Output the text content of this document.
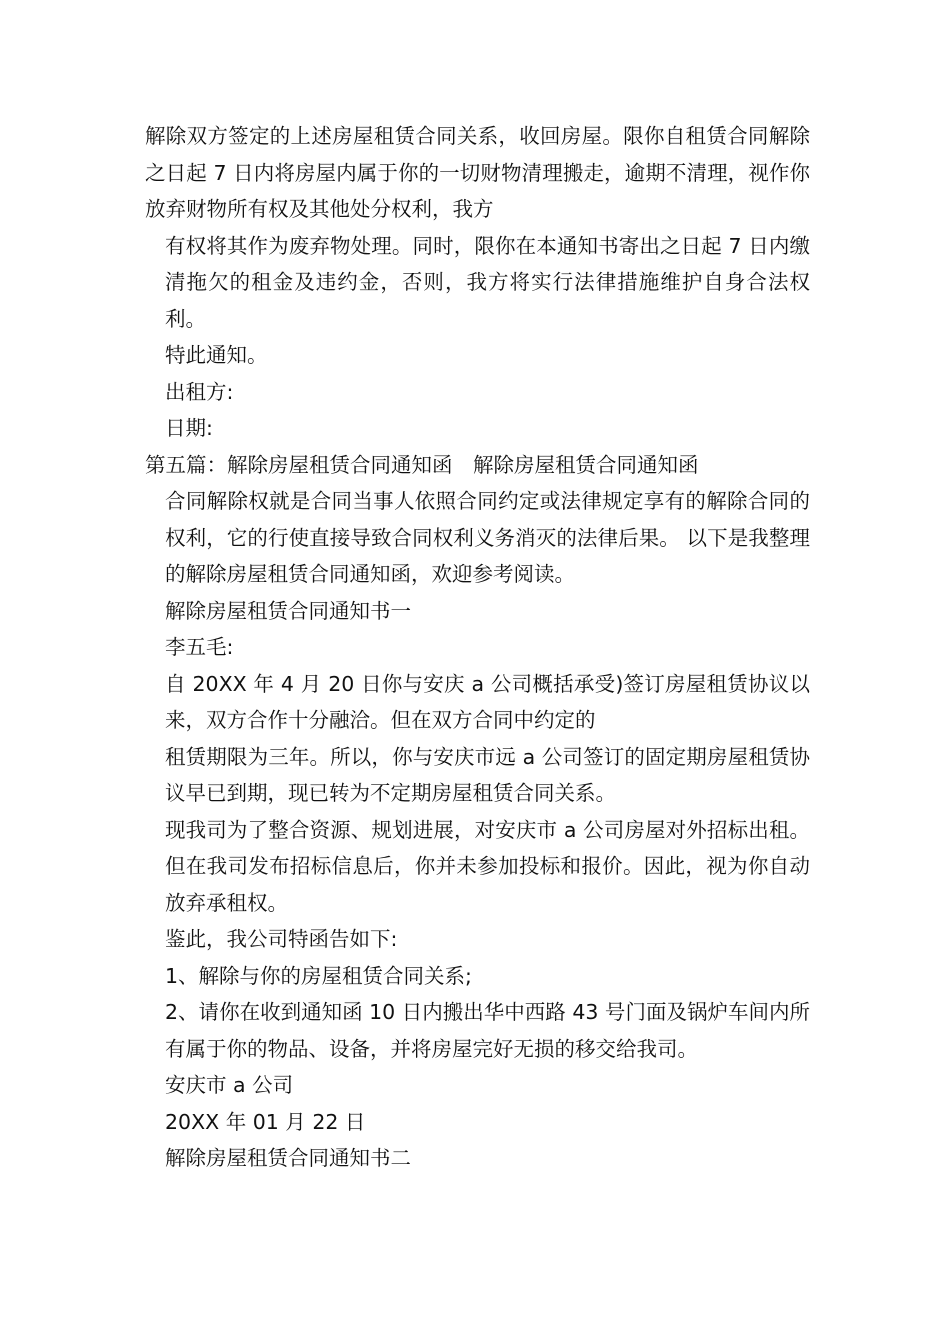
解除双方签定的上述房屋租赁合同关系，收回房屋。限你自租赁合同解除之日起 7 日内将房屋内属于你的一切财物清理搬走，逾期不清理，视作你放弃财物所有权及其他处分权利，我方

有权将其作为废弃物处理。同时，限你在本通知书寄出之日起 7 日内缴清拖欠的租金及违约金，否则，我方将实行法律措施维护自身合法权利。

特此通知。

出租方:

日期:

第五篇：解除房屋租赁合同通知函　解除房屋租赁合同通知函

合同解除权就是合同当事人依照合同约定或法律规定享有的解除合同的权利，它的行使直接导致合同权利义务消灭的法律后果。 以下是我整理的解除房屋租赁合同通知函，欢迎参考阅读。

解除房屋租赁合同通知书一

李五毛:

自 20XX 年 4 月 20 日你与安庆 a 公司概括承受)签订房屋租赁协议以来，双方合作十分融洽。但在双方合同中约定的

租赁期限为三年。所以，你与安庆市远 a 公司签订的固定期房屋租赁协议早已到期，现已转为不定期房屋租赁合同关系。

现我司为了整合资源、规划进展，对安庆市 a 公司房屋对外招标出租。但在我司发布招标信息后，你并未参加投标和报价。因此，视为你自动放弃承租权。

鉴此，我公司特函告如下:

1、解除与你的房屋租赁合同关系;

2、请你在收到通知函 10 日内搬出华中西路 43 号门面及锅炉车间内所有属于你的物品、设备，并将房屋完好无损的移交给我司。

安庆市 a 公司

20XX 年 01 月 22 日

解除房屋租赁合同通知书二
